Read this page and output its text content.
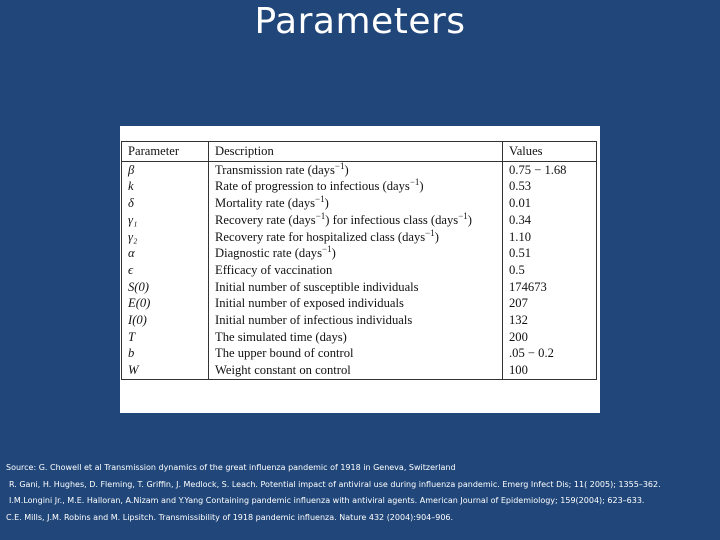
Parameters
Parameter	Description	Values
β	Transmission rate (days$^{-1}$)	0.75 − 1.68
k	Rate of progression to infectious (days$^{-1}$)	0.53
δ	Mortality rate (days$^{-1}$)	0.01
γ₁	Recovery rate (days$^{-1}$) for infectious class (days$^{-1}$)	0.34
γ₂	Recovery rate for hospitalized class (days$^{-1}$)	1.10
α	Diagnostic rate (days$^{-1}$)	0.51
ϵ	Efficacy of vaccination	0.5
S(0)	Initial number of susceptible individuals	174673
E(0)	Initial number of exposed individuals	207
I(0)	Initial number of infectious individuals	132
T	The simulated time (days)	200
b	The upper bound of control	.05 − 0.2
W	Weight constant on control	100
Source: G. Chowell et al Transmission dynamics of the great influenza pandemic of 1918 in Geneva, Switzerland
R. Gani, H. Hughes, D. Fleming, T. Griffin, J. Medlock, S. Leach. Potential impact of antiviral use during influenza pandemic. Emerg Infect Dis; 11( 2005); 1355–362.
I.M.Longini Jr., M.E. Halloran, A.Nizam and Y.Yang Containing pandemic influenza with antiviral agents. American Journal of Epidemiology; 159(2004); 623–633.
C.E. Mills, J.M. Robins and M. Lipsitch. Transmissibility of 1918 pandemic influenza. Nature 432 (2004):904–906.
